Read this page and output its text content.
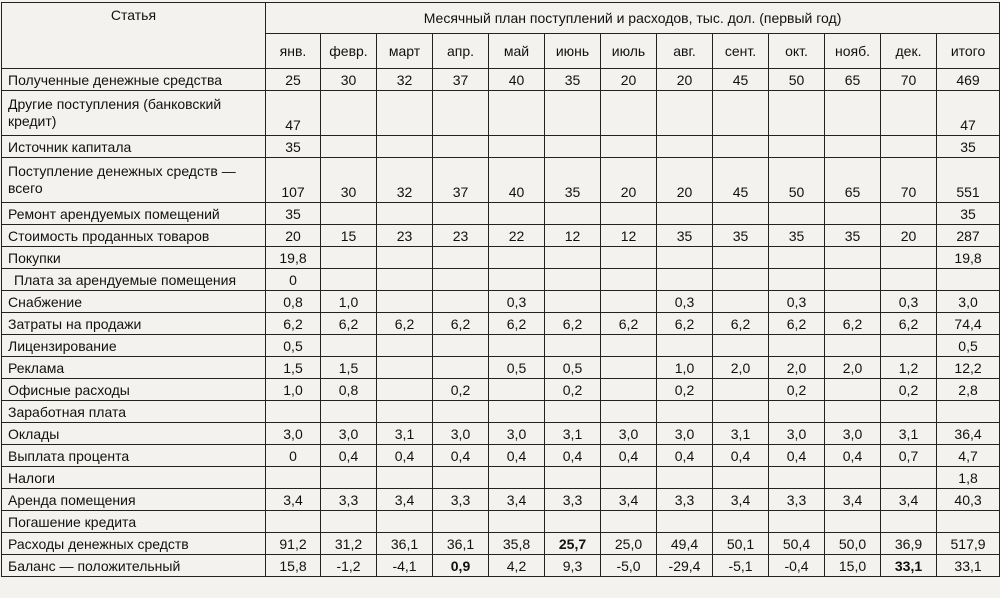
Статья	Месячный план поступлений и расходов, тыс. дол. (первый год)												
	янв.	февр.	март	апр.	май	июнь	июль	авг.	сент.	окт.	нояб.	дек.	итого
Полученные денежные средства	25	30	32	37	40	35	20	20	45	50	65	70	469
Другие поступления (банковский кредит)	47												47
Источник капитала	35												35
Поступление денежных средств — всего	107	30	32	37	40	35	20	20	45	50	65	70	551
Ремонт арендуемых помещений	35												35
Стоимость проданных товаров	20	15	23	23	22	12	12	35	35	35	35	20	287
Покупки	19,8												19,8
Плата за арендуемые помещения	0												
Снабжение	0,8	1,0			0,3			0,3		0,3		0,3	3,0
Затраты на продажи	6,2	6,2	6,2	6,2	6,2	6,2	6,2	6,2	6,2	6,2	6,2	6,2	74,4
Лицензирование	0,5												0,5
Реклама	1,5	1,5			0,5	0,5		1,0	2,0	2,0	2,0	1,2	12,2
Офисные расходы	1,0	0,8		0,2		0,2		0,2		0,2		0,2	2,8
Заработная плата													
Оклады	3,0	3,0	3,1	3,0	3,0	3,1	3,0	3,0	3,1	3,0	3,0	3,1	36,4
Выплата процента	0	0,4	0,4	0,4	0,4	0,4	0,4	0,4	0,4	0,4	0,4	0,7	4,7
Налоги													1,8
Аренда помещения	3,4	3,3	3,4	3,3	3,4	3,3	3,4	3,3	3,4	3,3	3,4	3,4	40,3
Погашение кредита													
Расходы денежных средств	91,2	31,2	36,1	36,1	35,8	25,7	25,0	49,4	50,1	50,4	50,0	36,9	517,9
Баланс — положительный	15,8	-1,2	-4,1	0,9	4,2	9,3	-5,0	-29,4	-5,1	-0,4	15,0	33,1	33,1
